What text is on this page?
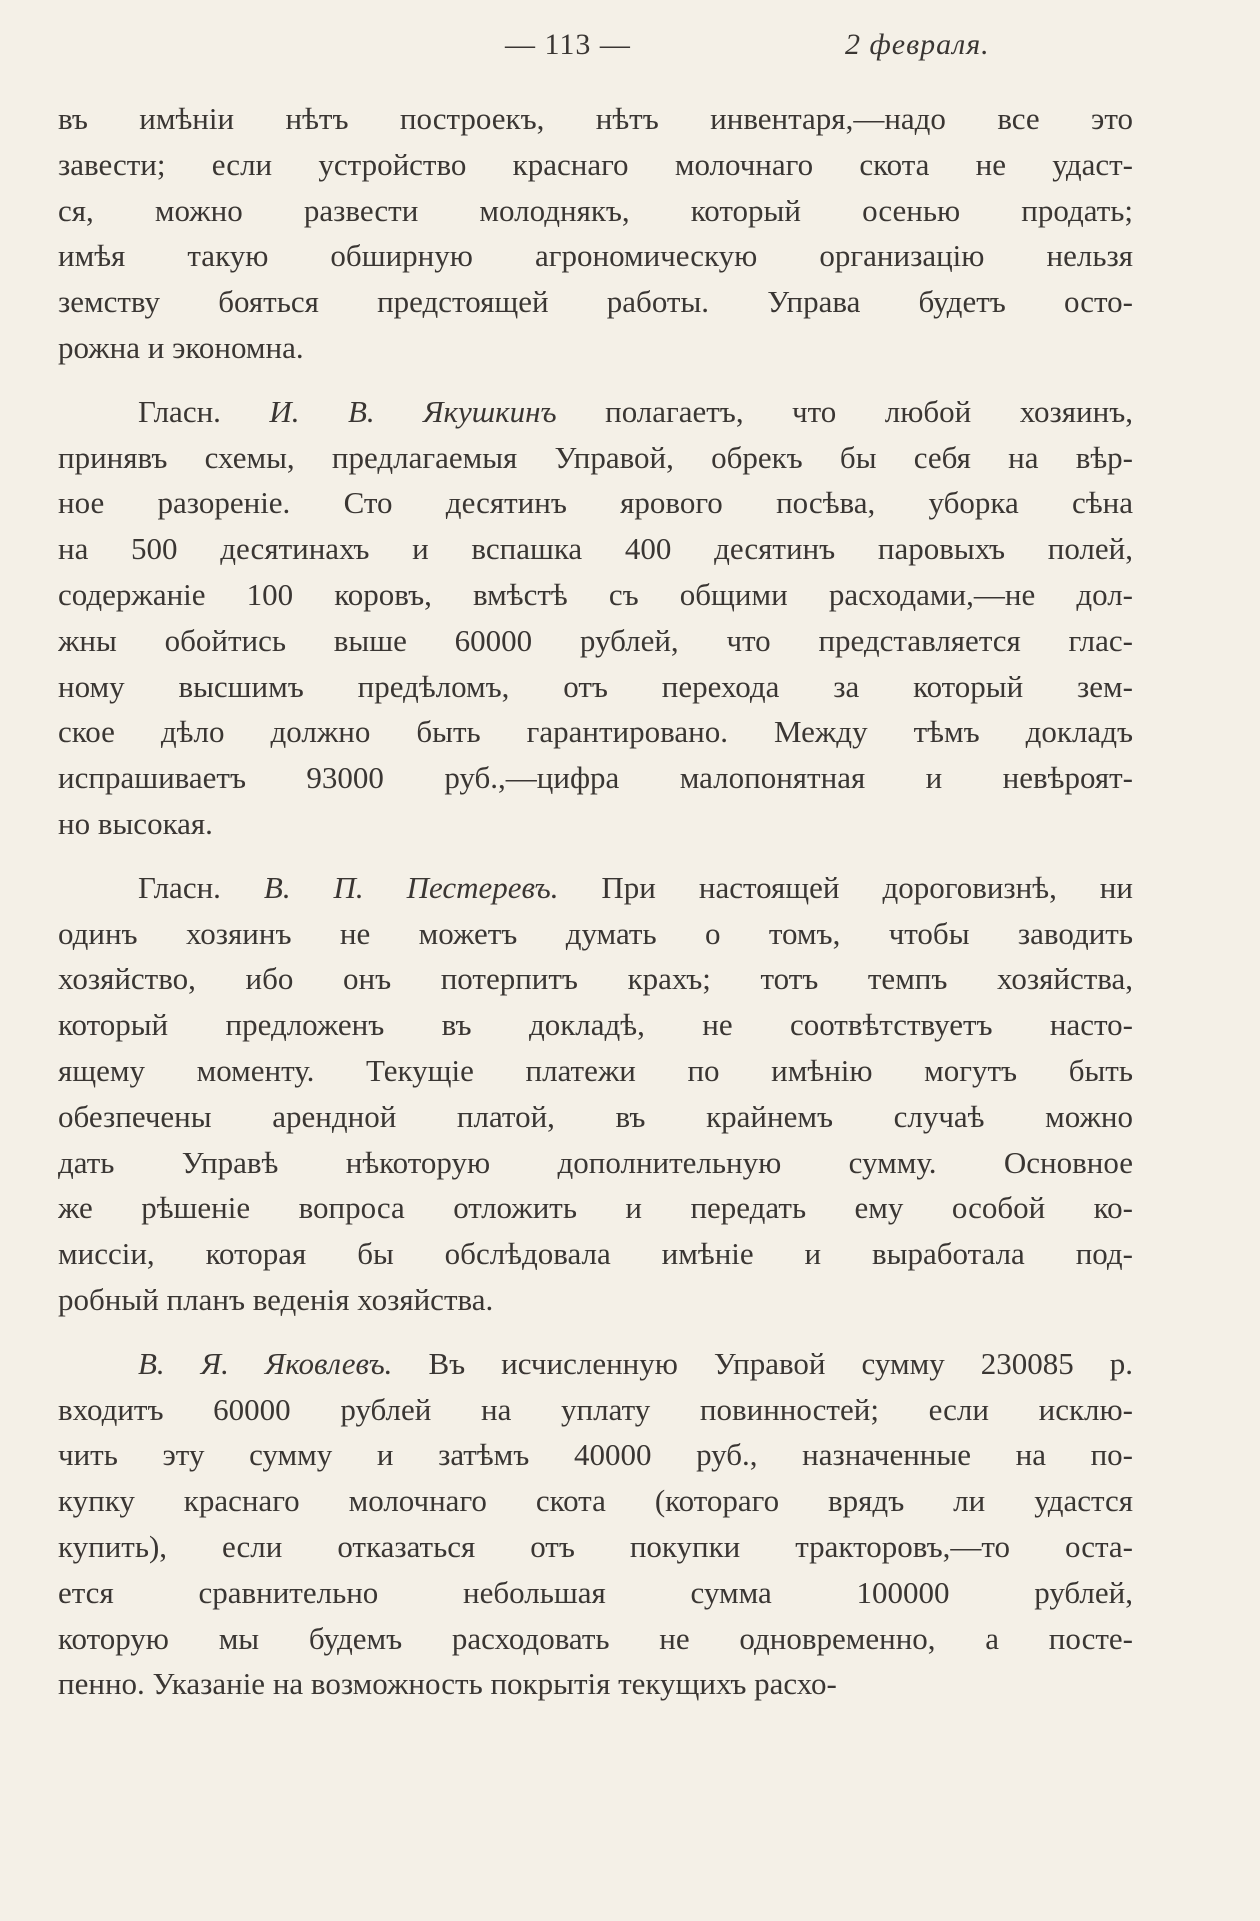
— 113 —	2 февраля.
въ имѣніи нѣтъ построекъ, нѣтъ инвентаря,—надо все это
завести; если устройство краснаго молочнаго скота не удаст-
ся, можно развести молоднякъ, который осенью продать;
имѣя такую обширную агрономическую организацію нельзя
земству бояться предстоящей работы. Управа будетъ осто-
рожна и экономна.
Гласн. И. В. Якушкинъ полагаетъ, что любой хозяинъ,
принявъ схемы, предлагаемыя Управой, обрекъ бы себя на вѣр-
ное разореніе. Сто десятинъ ярового посѣва, уборка сѣна
на 500 десятинахъ и вспашка 400 десятинъ паровыхъ полей,
содержаніе 100 коровъ, вмѣстѣ съ общими расходами,—не дол-
жны обойтись выше 60000 рублей, что представляется глас-
ному высшимъ предѣломъ, отъ перехода за который зем-
ское дѣло должно быть гарантировано. Между тѣмъ докладъ
испрашиваетъ 93000 руб.,—цифра малопонятная и невѣроят-
но высокая.
Гласн. В. П. Пестеревъ. При настоящей дороговизнѣ, ни
одинъ хозяинъ не можетъ думать о томъ, чтобы заводить
хозяйство, ибо онъ потерпитъ крахъ; тотъ темпъ хозяйства,
который предложенъ въ докладѣ, не соотвѣтствуетъ насто-
ящему моменту. Текущіе платежи по имѣнію могутъ быть
обезпечены арендной платой, въ крайнемъ случаѣ можно
дать Управѣ нѣкоторую дополнительную сумму. Основное
же рѣшеніе вопроса отложить и передать ему особой ко-
миссіи, которая бы обслѣдовала имѣніе и выработала под-
робный планъ веденія хозяйства.
В. Я. Яковлевъ. Въ исчисленную Управой сумму 230085 р.
входитъ 60000 рублей на уплату повинностей; если исклю-
чить эту сумму и затѣмъ 40000 руб., назначенные на по-
купку краснаго молочнаго скота (котораго врядъ ли удастся
купить), если отказаться отъ покупки тракторовъ,—то оста-
ется сравнительно небольшая сумма 100000 рублей,
которую мы будемъ расходовать не одновременно, а посте-
пенно. Указаніе на возможность покрытія текущихъ расхо-
